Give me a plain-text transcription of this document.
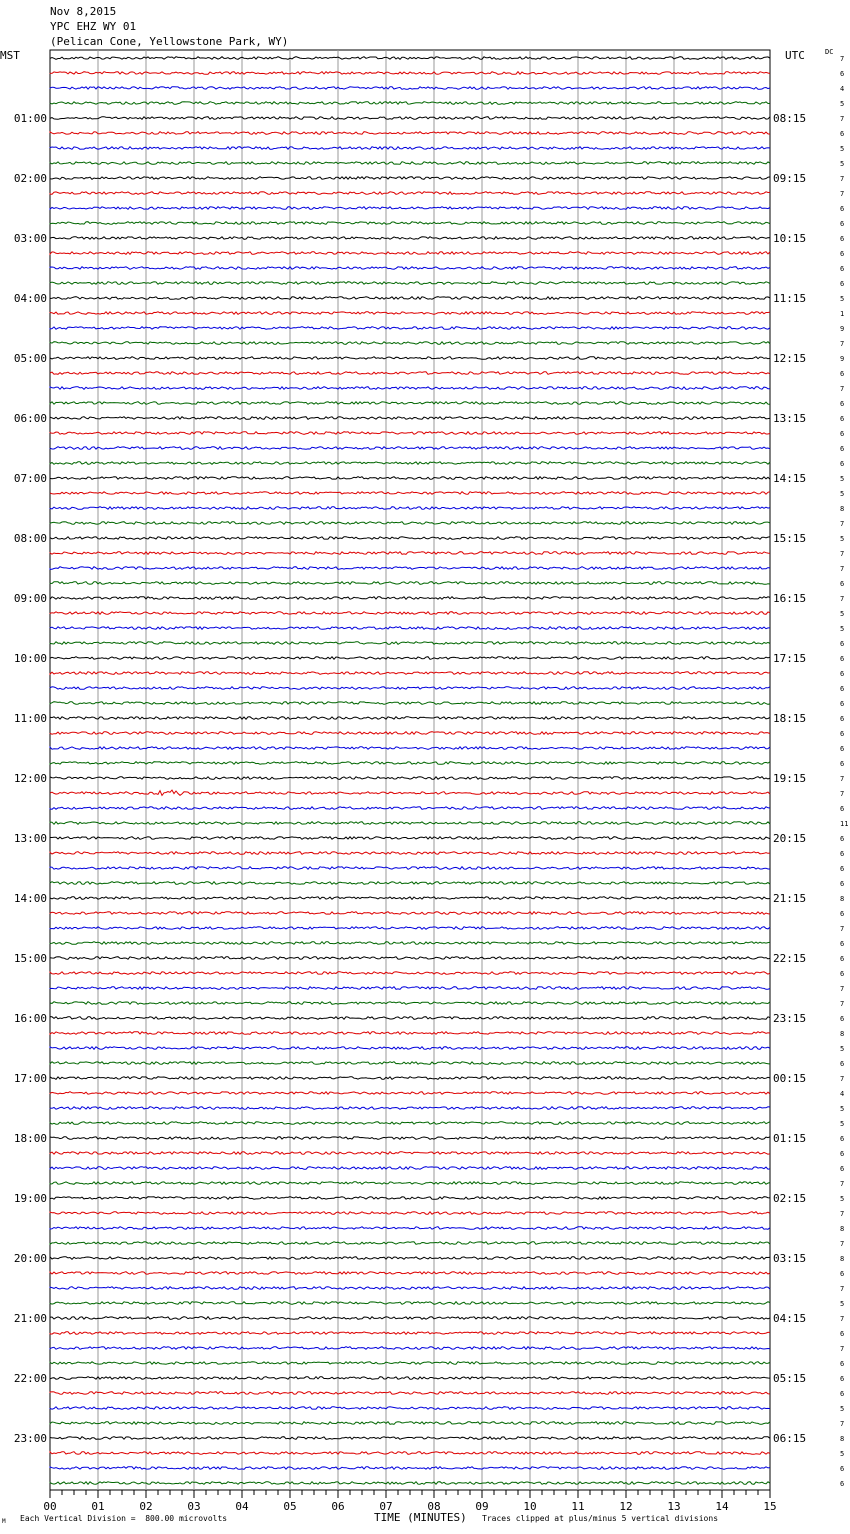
Nov 8,2015
YPC EHZ WY 01
(Pelican Cone, Yellowstone Park, WY)
MST	UTC	DC
7
6
4
5
7
6
5
5
7
7
6
6
6
6
6
6
5
1
9
7
9
6
7
6
6
6
6
6
5
5
8
7
5
7
7
6
7
5
5
6
6
6
6
6
6
6
6
6
7
7
6
11
6
6
6
6
8
6
7
6
6
6
7
7
6
8
5
6
7
4
5
5
6
6
6
7
5
7
8
7
8
6
7
5
7
6
7
6
6
6
5
7
8
5
6
6
01:00
02:00
03:00
04:00
05:00
06:00
07:00
08:00
09:00
10:00
11:00
12:00
13:00
14:00
15:00
16:00
17:00
18:00
19:00
20:00
21:00
22:00
23:00
08:15
09:15
10:15
11:15
12:15
13:15
14:15
15:15
16:15
17:15
18:15
19:15
20:15
21:15
22:15
23:15
00:15
01:15
02:15
03:15
04:15
05:15
06:15
00	01	02	03	04	05	06	07	08	09	10	11	12	13	14	15
M Each Vertical Division =  800.00 microvolts	TIME (MINUTES) Traces clipped at plus/minus 5 vertical divisions
